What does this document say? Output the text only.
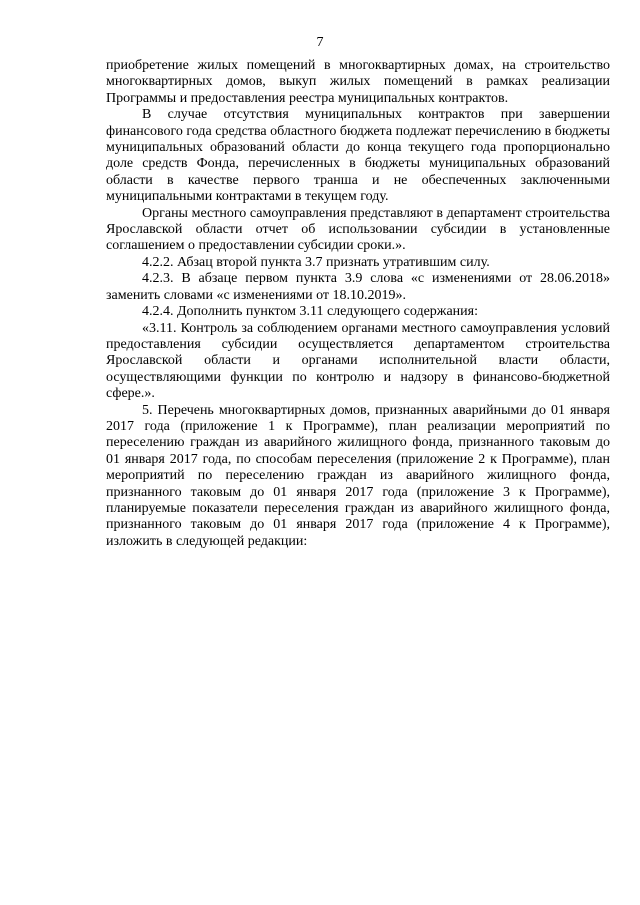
7

приобретение жилых помещений в многоквартирных домах, на строительство многоквартирных домов, выкуп жилых помещений в рамках реализации Программы и предоставления реестра муниципальных контрактов.

В случае отсутствия муниципальных контрактов при завершении финансового года средства областного бюджета подлежат перечислению в бюджеты муниципальных образований области до конца текущего года пропорционально доле средств Фонда, перечисленных в бюджеты муниципальных образований области в качестве первого транша и не обеспеченных заключенными муниципальными контрактами в текущем году.

Органы местного самоуправления представляют в департамент строительства Ярославской области отчет об использовании субсидии в установленные соглашением о предоставлении субсидии сроки.».

4.2.2. Абзац второй пункта 3.7 признать утратившим силу.

4.2.3. В абзаце первом пункта 3.9 слова «с изменениями от 28.06.2018» заменить словами «с изменениями от 18.10.2019».

4.2.4. Дополнить пунктом 3.11 следующего содержания:

«3.11. Контроль за соблюдением органами местного самоуправления условий предоставления субсидии осуществляется департаментом строительства Ярославской области и органами исполнительной власти области, осуществляющими функции по контролю и надзору в финансово-бюджетной сфере.».

5. Перечень многоквартирных домов, признанных аварийными до 01 января 2017 года (приложение 1 к Программе), план реализации мероприятий по переселению граждан из аварийного жилищного фонда, признанного таковым до 01 января 2017 года, по способам переселения (приложение 2 к Программе), план мероприятий по переселению граждан из аварийного жилищного фонда, признанного таковым до 01 января 2017 года (приложение 3 к Программе), планируемые показатели переселения граждан из аварийного жилищного фонда, признанного таковым до 01 января 2017 года (приложение 4 к Программе), изложить в следующей редакции:
